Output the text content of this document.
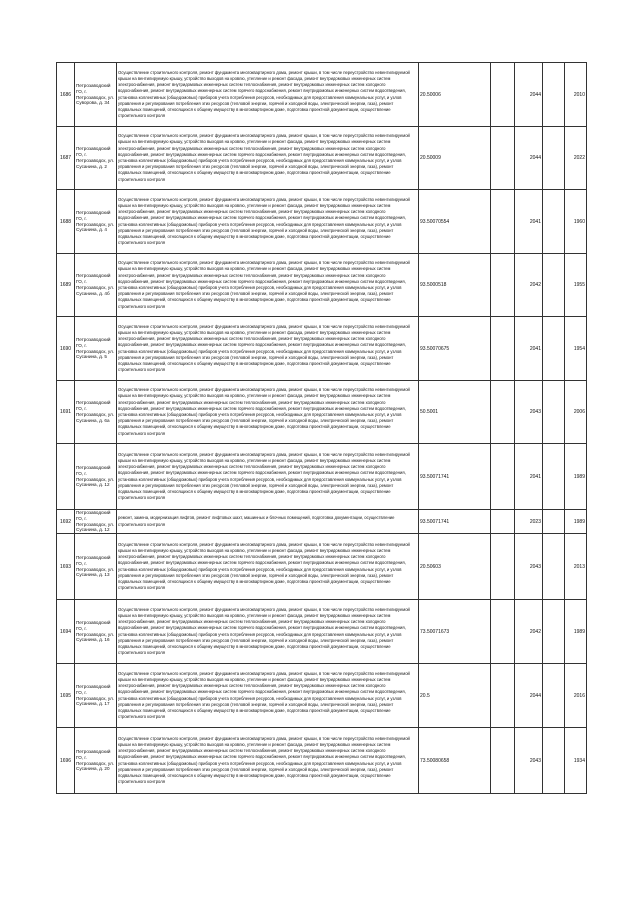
1686	Петрозаводский ГО, г. Петрозаводск, ул. Суворова, д. 34	Осуществление строительного контроля, ремонт фундамента многоквартирного дома, ремонт крыши, в том числе переустройство невентилируемой крыши на вентилируемую крышу, устройство выходов на кровлю, утепление и ремонт фасада, ремонт внутридомовых инженерных систем электроснабжения, ремонт внутридомовых инженерных систем теплоснабжения, ремонт внутридомовых инженерных систем холодного водоснабжения, ремонт внутридомовых инженерных систем горячего водоснабжения, ремонт внутридомовых инженерных систем водоотведения, установка коллективных (общедомовых) приборов учета потребления ресурсов, необходимых для предоставления коммунальных услуг, и узлов управления и регулирования потребления этих ресурсов (тепловой энергии, горячей и холодной воды, электрической энергии, газа), ремонт подвальных помещений, относящихся к общему имуществу в многоквартирном доме, подготовка проектной документации, осуществление строительного контроля	20.50006		2044		2010
1687	Петрозаводский ГО, г. Петрозаводск, ул. Сусанина, д. 2	Осуществление строительного контроля, ремонт фундамента многоквартирного дома, ремонт крыши, в том числе переустройство невентилируемой крыши на вентилируемую крышу, устройство выходов на кровлю, утепление и ремонт фасада, ремонт внутридомовых инженерных систем электроснабжения, ремонт внутридомовых инженерных систем теплоснабжения, ремонт внутридомовых инженерных систем холодного водоснабжения, ремонт внутридомовых инженерных систем горячего водоснабжения, ремонт внутридомовых инженерных систем водоотведения, установка коллективных (общедомовых) приборов учета потребления ресурсов, необходимых для предоставления коммунальных услуг, и узлов управления и регулирования потребления этих ресурсов (тепловой энергии, горячей и холодной воды, электрической энергии, газа), ремонт подвальных помещений, относящихся к общему имуществу в многоквартирном доме, подготовка проектной документации, осуществление строительного контроля	20.50009		2044		2022
1688	Петрозаводский ГО, г. Петрозаводск, ул. Сусанина, д. 4	Осуществление строительного контроля, ремонт фундамента многоквартирного дома, ремонт крыши, в том числе переустройство невентилируемой крыши на вентилируемую крышу, устройство выходов на кровлю, утепление и ремонт фасада, ремонт внутридомовых инженерных систем электроснабжения, ремонт внутридомовых инженерных систем теплоснабжения, ремонт внутридомовых инженерных систем холодного водоснабжения, ремонт внутридомовых инженерных систем горячего водоснабжения, ремонт внутридомовых инженерных систем водоотведения, установка коллективных (общедомовых) приборов учета потребления ресурсов, необходимых для предоставления коммунальных услуг, и узлов управления и регулирования потребления этих ресурсов (тепловой энергии, горячей и холодной воды, электрической энергии, газа), ремонт подвальных помещений, относящихся к общему имуществу в многоквартирном доме, подготовка проектной документации, осуществление строительного контроля	93.50070554		2041		1960
1689	Петрозаводский ГО, г. Петрозаводск, ул. Сусанина, д. 4б	Осуществление строительного контроля, ремонт фундамента многоквартирного дома, ремонт крыши, в том числе переустройство невентилируемой крыши на вентилируемую крышу, устройство выходов на кровлю, утепление и ремонт фасада, ремонт внутридомовых инженерных систем электроснабжения, ремонт внутридомовых инженерных систем теплоснабжения, ремонт внутридомовых инженерных систем холодного водоснабжения, ремонт внутридомовых инженерных систем горячего водоснабжения, ремонт внутридомовых инженерных систем водоотведения, установка коллективных (общедомовых) приборов учета потребления ресурсов, необходимых для предоставления коммунальных услуг, и узлов управления и регулирования потребления этих ресурсов (тепловой энергии, горячей и холодной воды, электрической энергии, газа), ремонт подвальных помещений, относящихся к общему имуществу в многоквартирном доме, подготовка проектной документации, осуществление строительного контроля	93.5000518		2042		1955
1690	Петрозаводский ГО, г. Петрозаводск, ул. Сусанина, д. 5	Осуществление строительного контроля, ремонт фундамента многоквартирного дома, ремонт крыши, в том числе переустройство невентилируемой крыши на вентилируемую крышу, устройство выходов на кровлю, утепление и ремонт фасада, ремонт внутридомовых инженерных систем электроснабжения, ремонт внутридомовых инженерных систем теплоснабжения, ремонт внутридомовых инженерных систем холодного водоснабжения, ремонт внутридомовых инженерных систем горячего водоснабжения, ремонт внутридомовых инженерных систем водоотведения, установка коллективных (общедомовых) приборов учета потребления ресурсов, необходимых для предоставления коммунальных услуг, и узлов управления и регулирования потребления этих ресурсов (тепловой энергии, горячей и холодной воды, электрической энергии, газа), ремонт подвальных помещений, относящихся к общему имуществу в многоквартирном доме, подготовка проектной документации, осуществление строительного контроля	93.50070675		2041		1954
1691	Петрозаводский ГО, г. Петрозаводск, ул. Сусанина, д. 6а	Осуществление строительного контроля, ремонт фундамента многоквартирного дома, ремонт крыши, в том числе переустройство невентилируемой крыши на вентилируемую крышу, устройство выходов на кровлю, утепление и ремонт фасада, ремонт внутридомовых инженерных систем электроснабжения, ремонт внутридомовых инженерных систем теплоснабжения, ремонт внутридомовых инженерных систем холодного водоснабжения, ремонт внутридомовых инженерных систем горячего водоснабжения, ремонт внутридомовых инженерных систем водоотведения, установка коллективных (общедомовых) приборов учета потребления ресурсов, необходимых для предоставления коммунальных услуг, и узлов управления и регулирования потребления этих ресурсов (тепловой энергии, горячей и холодной воды, электрической энергии, газа), ремонт подвальных помещений, относящихся к общему имуществу в многоквартирном доме, подготовка проектной документации, осуществление строительного контроля	50.5001		2043		2006
	Петрозаводский ГО, г. Петрозаводск, ул. Сусанина, д. 12	Осуществление строительного контроля, ремонт фундамента многоквартирного дома, ремонт крыши, в том числе переустройство невентилируемой крыши на вентилируемую крышу, устройство выходов на кровлю, утепление и ремонт фасада, ремонт внутридомовых инженерных систем электроснабжения, ремонт внутридомовых инженерных систем теплоснабжения, ремонт внутридомовых инженерных систем холодного водоснабжения, ремонт внутридомовых инженерных систем горячего водоснабжения, ремонт внутридомовых инженерных систем водоотведения, установка коллективных (общедомовых) приборов учета потребления ресурсов, необходимых для предоставления коммунальных услуг, и узлов управления и регулирования потребления этих ресурсов (тепловой энергии, горячей и холодной воды, электрической энергии, газа), ремонт подвальных помещений, относящихся к общему имуществу в многоквартирном доме, подготовка проектной документации, осуществление строительного контроля	93.50071741		2041		1989
1692	Петрозаводский ГО, г. Петрозаводск, ул. Сусанина, д. 12	ремонт, замена, модернизация лифтов, ремонт лифтовых шахт, машинных и блочных помещений, подготовка документации, осуществление строительного контроля	93.50071741		2023		1989
1693	Петрозаводский ГО, г. Петрозаводск, ул. Сусанина, д. 13	Осуществление строительного контроля, ремонт фундамента многоквартирного дома, ремонт крыши, в том числе переустройство невентилируемой крыши на вентилируемую крышу, устройство выходов на кровлю, утепление и ремонт фасада, ремонт внутридомовых инженерных систем электроснабжения, ремонт внутридомовых инженерных систем теплоснабжения, ремонт внутридомовых инженерных систем холодного водоснабжения, ремонт внутридомовых инженерных систем горячего водоснабжения, ремонт внутридомовых инженерных систем водоотведения, установка коллективных (общедомовых) приборов учета потребления ресурсов, необходимых для предоставления коммунальных услуг, и узлов управления и регулирования потребления этих ресурсов (тепловой энергии, горячей и холодной воды, электрической энергии, газа), ремонт подвальных помещений, относящихся к общему имуществу в многоквартирном доме, подготовка проектной документации, осуществление строительного контроля	20.50603		2043		2013
1694	Петрозаводский ГО, г. Петрозаводск, ул. Сусанина, д. 16	Осуществление строительного контроля, ремонт фундамента многоквартирного дома, ремонт крыши, в том числе переустройство невентилируемой крыши на вентилируемую крышу, устройство выходов на кровлю, утепление и ремонт фасада, ремонт внутридомовых инженерных систем электроснабжения, ремонт внутридомовых инженерных систем теплоснабжения, ремонт внутридомовых инженерных систем холодного водоснабжения, ремонт внутридомовых инженерных систем горячего водоснабжения, ремонт внутридомовых инженерных систем водоотведения, установка коллективных (общедомовых) приборов учета потребления ресурсов, необходимых для предоставления коммунальных услуг, и узлов управления и регулирования потребления этих ресурсов (тепловой энергии, горячей и холодной воды, электрической энергии, газа), ремонт подвальных помещений, относящихся к общему имуществу в многоквартирном доме, подготовка проектной документации, осуществление строительного контроля	73.50071673		2042		1989
1695	Петрозаводский ГО, г. Петрозаводск, ул. Сусанина, д. 17	Осуществление строительного контроля, ремонт фундамента многоквартирного дома, ремонт крыши, в том числе переустройство невентилируемой крыши на вентилируемую крышу, устройство выходов на кровлю, утепление и ремонт фасада, ремонт внутридомовых инженерных систем электроснабжения, ремонт внутридомовых инженерных систем теплоснабжения, ремонт внутридомовых инженерных систем холодного водоснабжения, ремонт внутридомовых инженерных систем горячего водоснабжения, ремонт внутридомовых инженерных систем водоотведения, установка коллективных (общедомовых) приборов учета потребления ресурсов, необходимых для предоставления коммунальных услуг, и узлов управления и регулирования потребления этих ресурсов (тепловой энергии, горячей и холодной воды, электрической энергии, газа), ремонт подвальных помещений, относящихся к общему имуществу в многоквартирном доме, подготовка проектной документации, осуществление строительного контроля	20.5		2044		2016
1696	Петрозаводский ГО, г. Петрозаводск, ул. Сусанина, д. 20	Осуществление строительного контроля, ремонт фундамента многоквартирного дома, ремонт крыши, в том числе переустройство невентилируемой крыши на вентилируемую крышу, устройство выходов на кровлю, утепление и ремонт фасада, ремонт внутридомовых инженерных систем электроснабжения, ремонт внутридомовых инженерных систем теплоснабжения, ремонт внутридомовых инженерных систем холодного водоснабжения, ремонт внутридомовых инженерных систем горячего водоснабжения, ремонт внутридомовых инженерных систем водоотведения, установка коллективных (общедомовых) приборов учета потребления ресурсов, необходимых для предоставления коммунальных услуг, и узлов управления и регулирования потребления этих ресурсов (тепловой энергии, горячей и холодной воды, электрической энергии, газа), ремонт подвальных помещений, относящихся к общему имуществу в многоквартирном доме, подготовка проектной документации, осуществление строительного контроля	73.50080658		2043		1934
